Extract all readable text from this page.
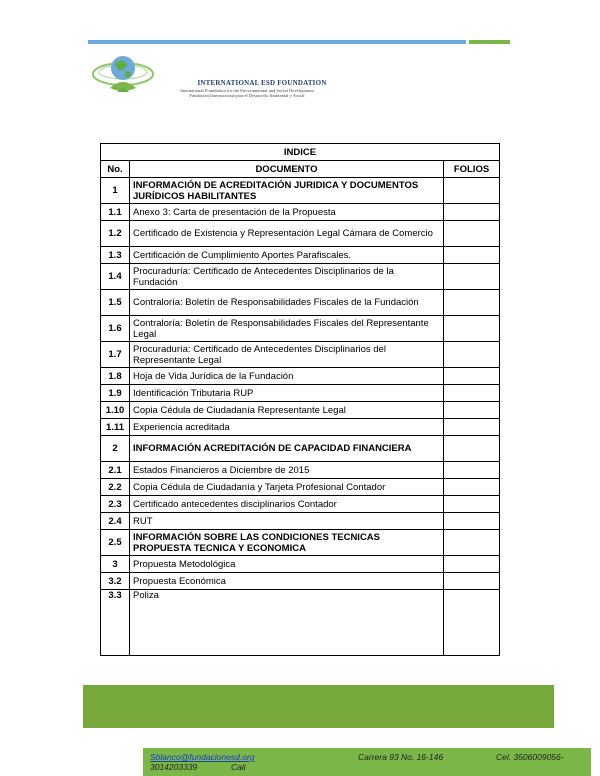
INTERNATIONAL ESD FOUNDATION
International Foundation for the Environmental and Social Development
Fundación Internacional para el Desarrollo Ambiental y Social
INDICE		
No.	DOCUMENTO	FOLIOS
1	INFORMACIÓN DE ACREDITACIÓN JURIDICA Y DOCUMENTOS JURÍDICOS HABILITANTES	
1.1	Anexo 3: Carta de presentación de la Propuesta	
1.2	Certificado de Existencia y Representación Legal Cámara de Comercio	
1.3	Certificación de Cumplimiento Aportes Parafiscales.	
1.4	Procuraduría: Certificado de Antecedentes Disciplinarios de la Fundación	
1.5	Contraloría: Boletín de Responsabilidades Fiscales de la Fundación	
1.6	Contraloría: Boletín de Responsabilidades Fiscales del Representante Legal	
1.7	Procuraduría: Certificado de Antecedentes Disciplinarios del Representante Legal	
1.8	Hoja de Vida Jurídica de la Fundación	
1.9	Identificación Tributaria RUP	
1.10	Copia Cédula de Ciudadanía Representante Legal	
1.11	Experiencia acreditada	
2	INFORMACIÓN ACREDITACIÓN DE CAPACIDAD FINANCIERA	
2.1	Estados Financieros a Diciembre de 2015	
2.2	Copia Cédula de Ciudadanía y Tarjeta Profesional Contador	
2.3	Certificado antecedentes disciplinarios Contador	
2.4	RUT	
2.5	INFORMACIÓN SOBRE LAS CONDICIONES TECNICAS PROPUESTA TECNICA Y ECONOMICA	
3	Propuesta Metodológica	
3.2	Propuesta Económica	
3.3	Poliza	
Sblanco@fundacionesd.org	Carrera 93 No. 16-146	Cel. 3506009056-
3014203339	Cali
